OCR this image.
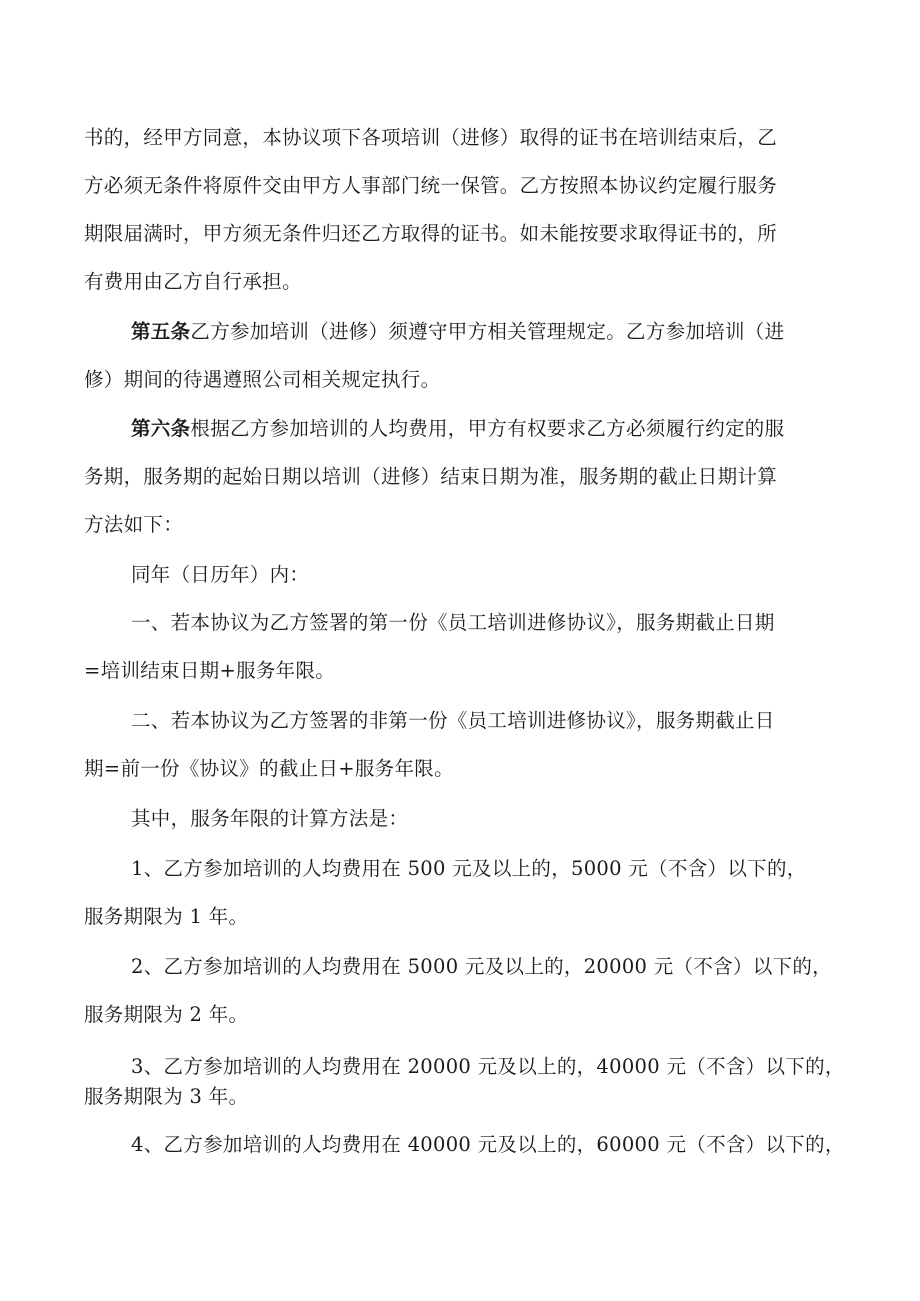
书的，经甲方同意，本协议项下各项培训（进修）取得的证书在培训结束后，乙

方必须无条件将原件交由甲方人事部门统一保管。乙方按照本协议约定履行服务

期限届满时，甲方须无条件归还乙方取得的证书。如未能按要求取得证书的，所

有费用由乙方自行承担。

第五条乙方参加培训（进修）须遵守甲方相关管理规定。乙方参加培训（进

修）期间的待遇遵照公司相关规定执行。

第六条根据乙方参加培训的人均费用，甲方有权要求乙方必须履行约定的服

务期，服务期的起始日期以培训（进修）结束日期为准，服务期的截止日期计算

方法如下：

同年（日历年）内：

一、若本协议为乙方签署的第一份《员工培训进修协议》，服务期截止日期

=培训结束日期+服务年限。

二、若本协议为乙方签署的非第一份《员工培训进修协议》，服务期截止日

期=前一份《协议》的截止日+服务年限。

其中，服务年限的计算方法是：

1、乙方参加培训的人均费用在 500 元及以上的，5000 元（不含）以下的，

服务期限为 1 年。

2、乙方参加培训的人均费用在 5000 元及以上的，20000 元（不含）以下的，

服务期限为 2 年。

3、乙方参加培训的人均费用在 20000 元及以上的，40000 元（不含）以下的，

服务期限为 3 年。

4、乙方参加培训的人均费用在 40000 元及以上的，60000 元（不含）以下的，
